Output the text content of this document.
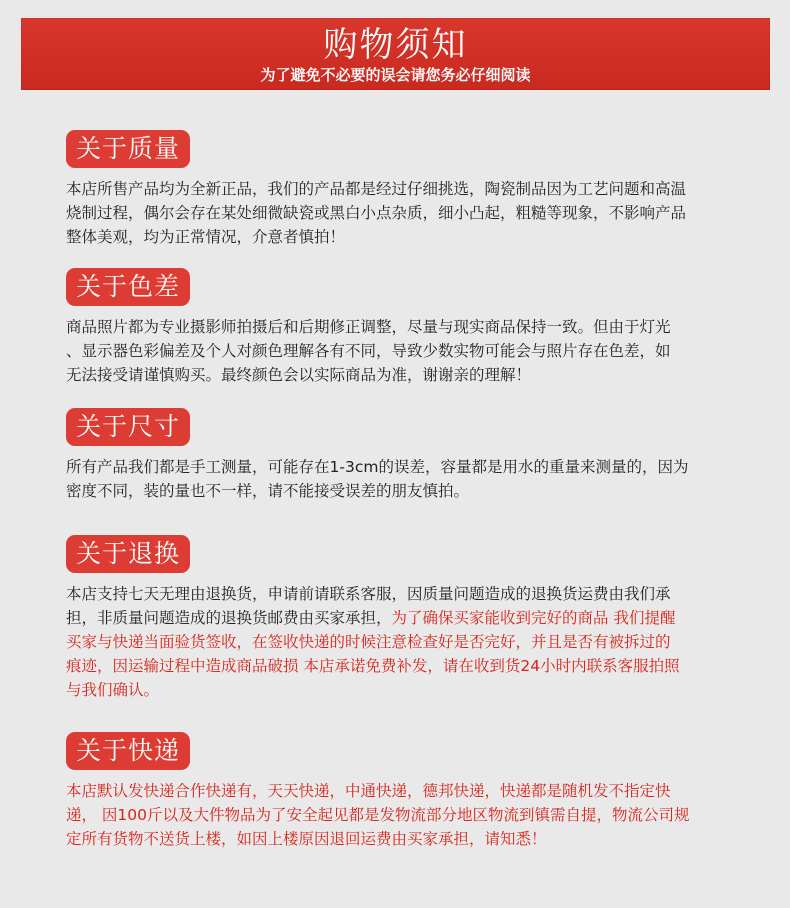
购物须知
为了避免不必要的误会请您务必仔细阅读
关于质量
本店所售产品均为全新正品，我们的产品都是经过仔细挑选，陶瓷制品因为工艺问题和高温
烧制过程，偶尔会存在某处细微缺瓷或黑白小点杂质，细小凸起，粗糙等现象，不影响产品
整体美观，均为正常情况，介意者慎拍！
关于色差
商品照片都为专业摄影师拍摄后和后期修正调整，尽量与现实商品保持一致。但由于灯光
、显示器色彩偏差及个人对颜色理解各有不同，导致少数实物可能会与照片存在色差，如
无法接受请谨慎购买。最终颜色会以实际商品为准，谢谢亲的理解！
关于尺寸
所有产品我们都是手工测量，可能存在1-3cm的误差，容量都是用水的重量来测量的，因为
密度不同，装的量也不一样，请不能接受误差的朋友慎拍。
关于退换
本店支持七天无理由退换货，申请前请联系客服，因质量问题造成的退换货运费由我们承
担，非质量问题造成的退换货邮费由买家承担，为了确保买家能收到完好的商品 我们提醒
买家与快递当面验货签收，在签收快递的时候注意检查好是否完好，并且是否有被拆过的
痕迹，因运输过程中造成商品破损 本店承诺免费补发，请在收到货24小时内联系客服拍照
与我们确认。
关于快递
本店默认发快递合作快递有，天天快递，中通快递，德邦快递，快递都是随机发不指定快
递， 因100斤以及大件物品为了安全起见都是发物流部分地区物流到镇需自提，物流公司规
定所有货物不送货上楼，如因上楼原因退回运费由买家承担，请知悉！
